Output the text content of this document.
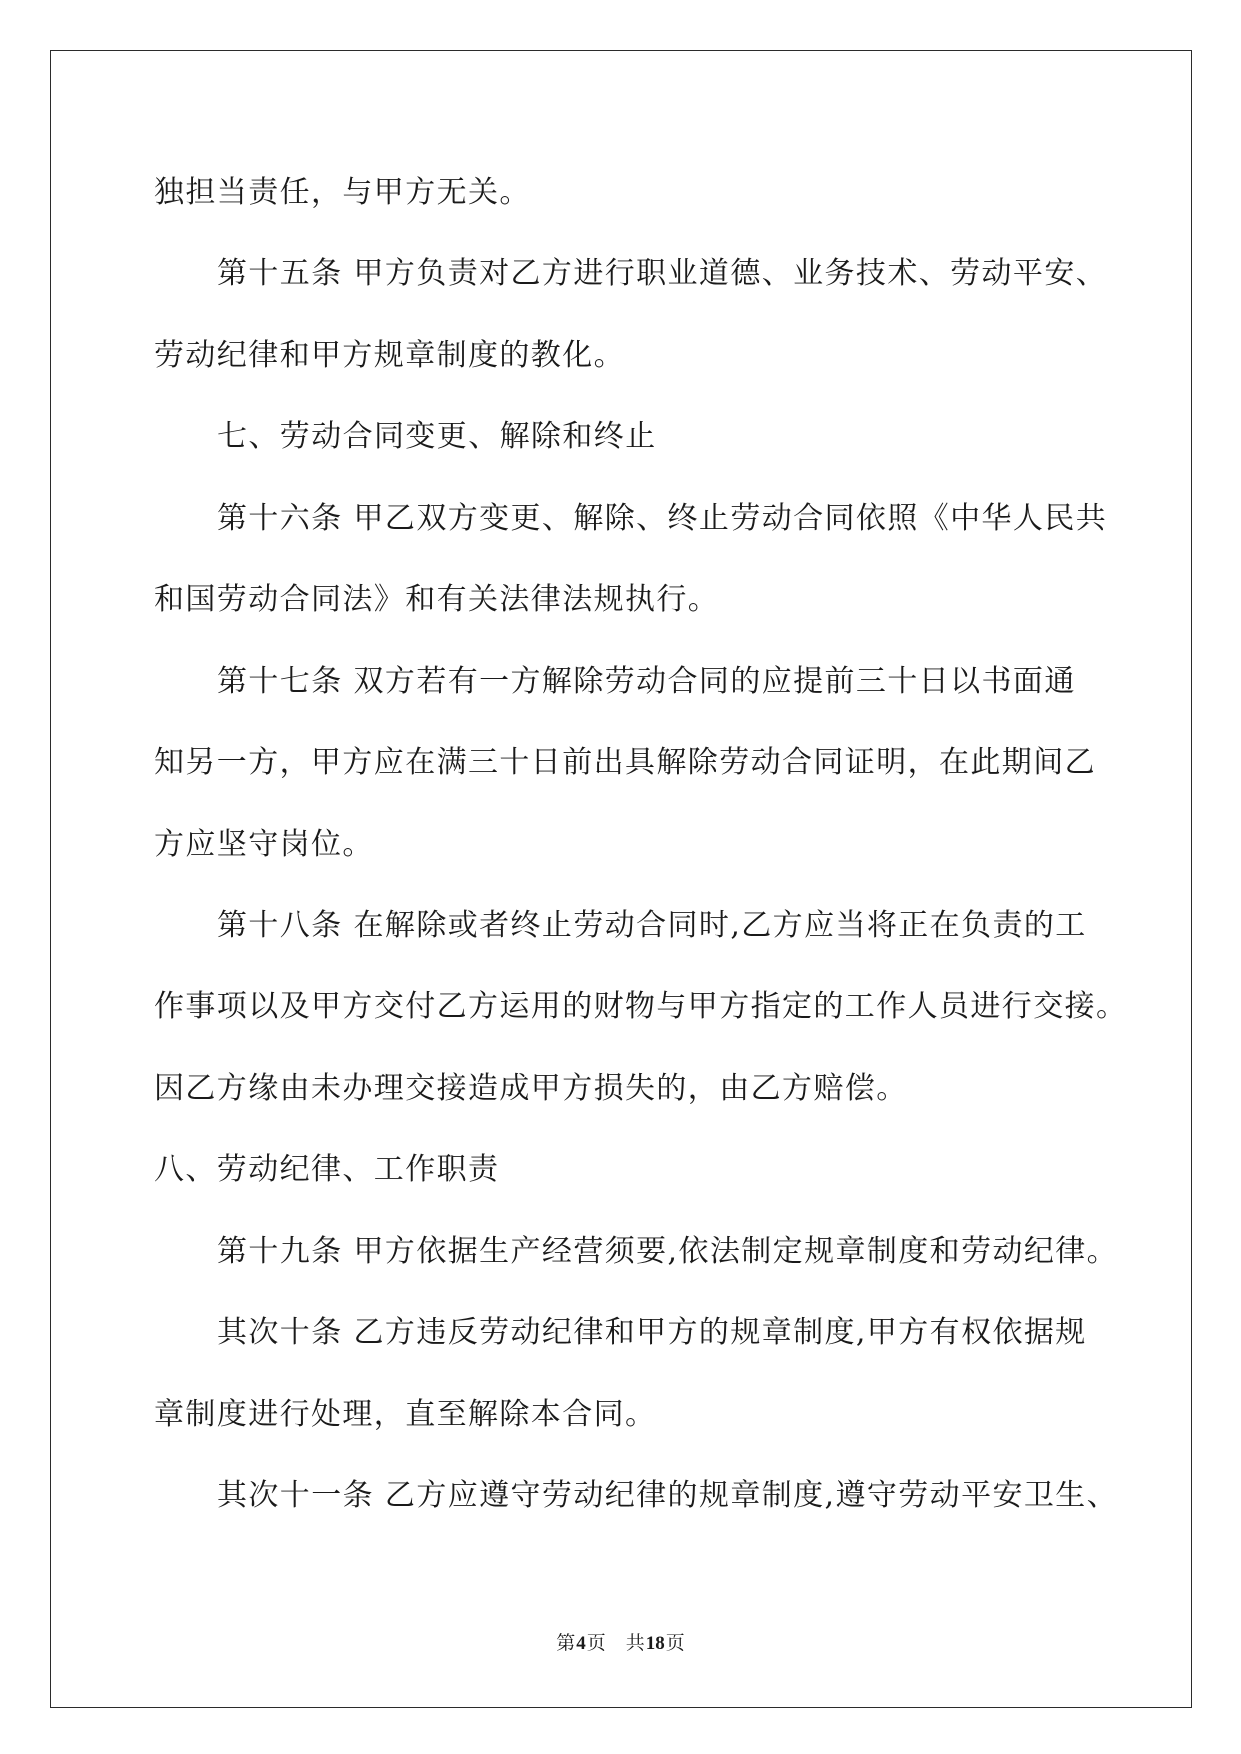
独担当责任，与甲方无关。
第十五条 甲方负责对乙方进行职业道德、业务技术、劳动平安、
劳动纪律和甲方规章制度的教化。
七、劳动合同变更、解除和终止
第十六条 甲乙双方变更、解除、终止劳动合同依照《中华人民共
和国劳动合同法》和有关法律法规执行。
第十七条 双方若有一方解除劳动合同的应提前三十日以书面通
知另一方，甲方应在满三十日前出具解除劳动合同证明，在此期间乙
方应坚守岗位。
第十八条 在解除或者终止劳动合同时,乙方应当将正在负责的工
作事项以及甲方交付乙方运用的财物与甲方指定的工作人员进行交接。
因乙方缘由未办理交接造成甲方损失的，由乙方赔偿。
八、劳动纪律、工作职责
第十九条 甲方依据生产经营须要,依法制定规章制度和劳动纪律。
其次十条 乙方违反劳动纪律和甲方的规章制度,甲方有权依据规
章制度进行处理，直至解除本合同。
其次十一条 乙方应遵守劳动纪律的规章制度,遵守劳动平安卫生、
第4页 共18页
